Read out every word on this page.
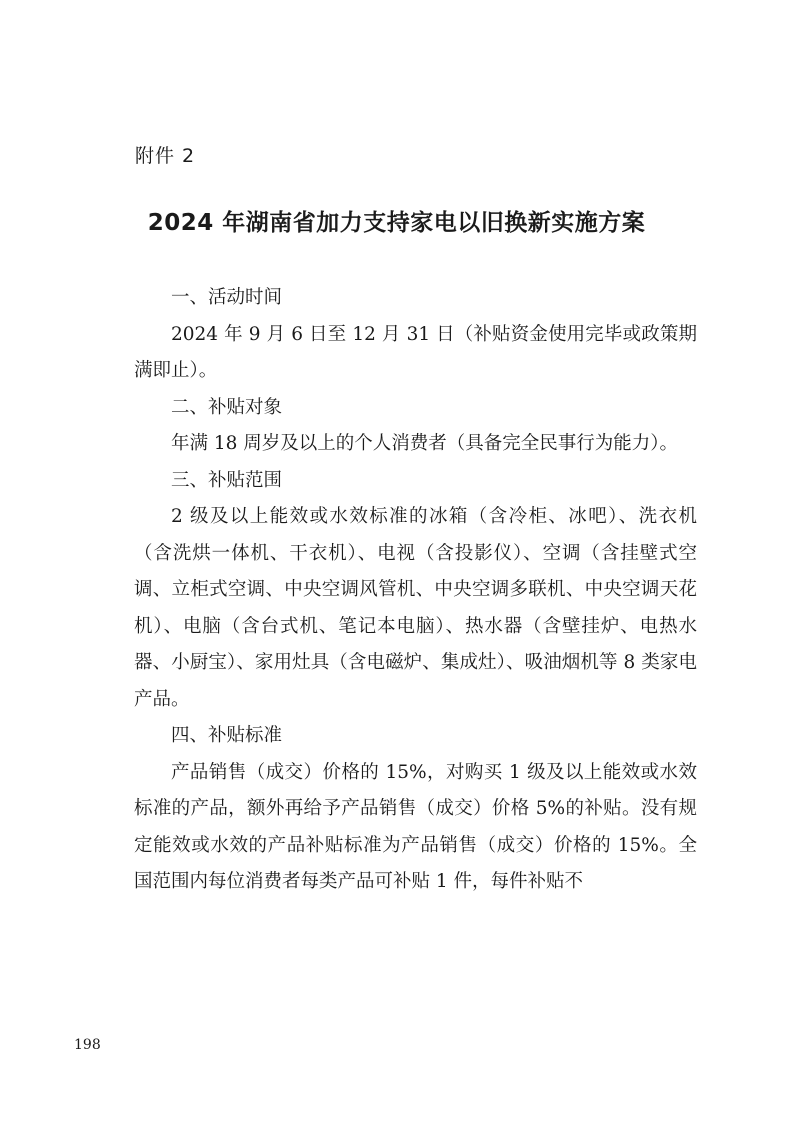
附件 2
2024 年湖南省加力支持家电以旧换新实施方案
一、活动时间

2024 年 9 月 6 日至 12 月 31 日（补贴资金使用完毕或政策期满即止）。

二、补贴对象

年满 18 周岁及以上的个人消费者（具备完全民事行为能力）。

三、补贴范围

2 级及以上能效或水效标准的冰箱（含冷柜、冰吧）、洗衣机（含洗烘一体机、干衣机）、电视（含投影仪）、空调（含挂壁式空调、立柜式空调、中央空调风管机、中央空调多联机、中央空调天花机）、电脑（含台式机、笔记本电脑）、热水器（含壁挂炉、电热水器、小厨宝）、家用灶具（含电磁炉、集成灶）、吸油烟机等 8 类家电产品。

四、补贴标准

产品销售（成交）价格的 15%，对购买 1 级及以上能效或水效标准的产品，额外再给予产品销售（成交）价格 5%的补贴。没有规定能效或水效的产品补贴标准为产品销售（成交）价格的 15%。全国范围内每位消费者每类产品可补贴 1 件，每件补贴不

198
